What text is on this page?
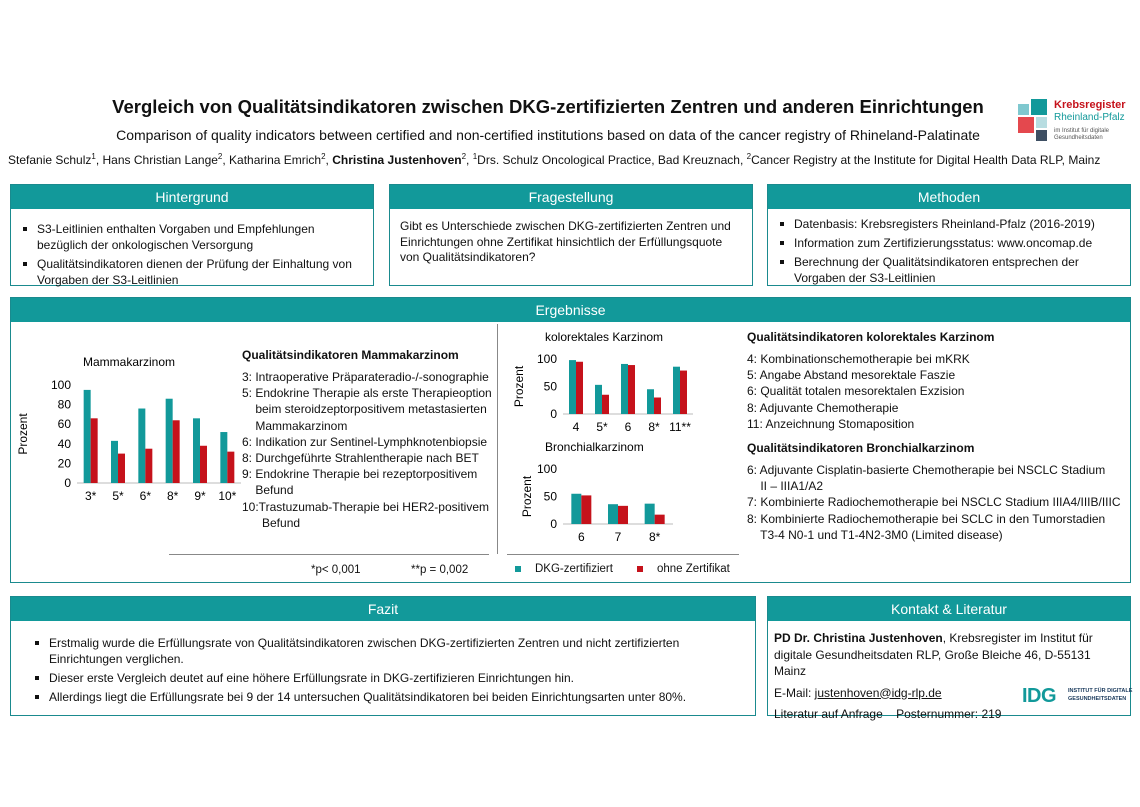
Vergleich von Qualitätsindikatoren zwischen DKG-zertifizierten Zentren und anderen Einrichtungen
Comparison of quality indicators between certified and non-certified institutions based on data of the cancer registry of Rhineland-Palatinate
Stefanie Schulz$^1$, Hans Christian Lange$^2$, Katharina Emrich$^2$, Christina Justenhoven$^2$, $^1$Drs. Schulz Oncological Practice, Bad Kreuznach, $^2$Cancer Registry at the Institute for Digital Health Data RLP, Mainz
Krebsregister
Rheinland-Pfalz
im Institut für digitale
Gesundheitsdaten
Hintergrund
S3-Leitlinien enthalten Vorgaben und Empfehlungen bezüglich der onkologischen Versorgung
Qualitätsindikatoren dienen der Prüfung der Einhaltung von Vorgaben der S3-Leitlinien
Fragestellung
Gibt es Unterschiede zwischen DKG-zertifizierten Zentren und Einrichtungen ohne Zertifikat hinsichtlich der Erfüllungsquote von Qualitätsindikatoren?
Methoden
Datenbasis: Krebsregisters Rheinland-Pfalz (2016-2019)
Information zum Zertifizierungsstatus: www.oncomap.de
Berechnung der Qualitätsindikatoren entsprechen der Vorgaben der S3-Leitlinien
Ergebnisse
Mammakarzinom
Prozent
0
20
40
60
80
100
3* 5* 6* 8* 9* 10*
Qualitätsindikatoren Mammakarzinom
3: Intraoperative Präparateradio-/-sonographie
5: Endokrine Therapie als erste Therapieoption
beim steroidzeptorpositivem metastasierten
Mammakarzinom
6: Indikation zur Sentinel-Lymphknotenbiopsie
8: Durchgeführte Strahlentherapie nach BET
9: Endokrine Therapie bei rezeptorpositivem
Befund
10:Trastuzumab-Therapie bei HER2-positivem
Befund
kolorektales Karzinom
Prozent
0
50
100
4 5* 6 8* 11**
Bronchialkarzinom
Prozent
0
50
100
6 7 8*
Qualitätsindikatoren kolorektales Karzinom
4: Kombinationschemotherapie bei mKRK
5: Angabe Abstand mesorektale Faszie
6: Qualität totalen mesorektalen Exzision
8: Adjuvante Chemotherapie
11: Anzeichnung Stomaposition
Qualitätsindikatoren Bronchialkarzinom
6: Adjuvante Cisplatin-basierte Chemotherapie bei NSCLC Stadium
II – IIIA1/A2
7: Kombinierte Radiochemotherapie bei NSCLC Stadium IIIA4/IIIB/IIIC
8: Kombinierte Radiochemotherapie bei SCLC in den Tumorstadien
T3-4 N0-1 und T1-4N2-3M0 (Limited disease)
*p< 0,001	**p = 0,002	DKG-zertifiziert	ohne Zertifikat
Fazit
Erstmalig wurde die Erfüllungsrate von Qualitätsindikatoren zwischen DKG-zertifizierten Zentren und nicht zertifizierten Einrichtungen verglichen.
Dieser erste Vergleich deutet auf eine höhere Erfüllungsrate in DKG-zertifizieren Einrichtungen hin.
Allerdings liegt die Erfüllungsrate bei 9 der 14 untersuchen Qualitätsindikatoren bei beiden Einrichtungsarten unter 80%.
Kontakt & Literatur
PD Dr. Christina Justenhoven, Krebsregister im Institut für digitale Gesundheitsdaten RLP, Große Bleiche 46, D-55131 Mainz
E-Mail: justenhoven@idg-rlp.de
Literatur auf Anfrage Posternummer: 219
IDG INSTITUT FÜR DIGITALE
GESUNDHEITSDATEN
